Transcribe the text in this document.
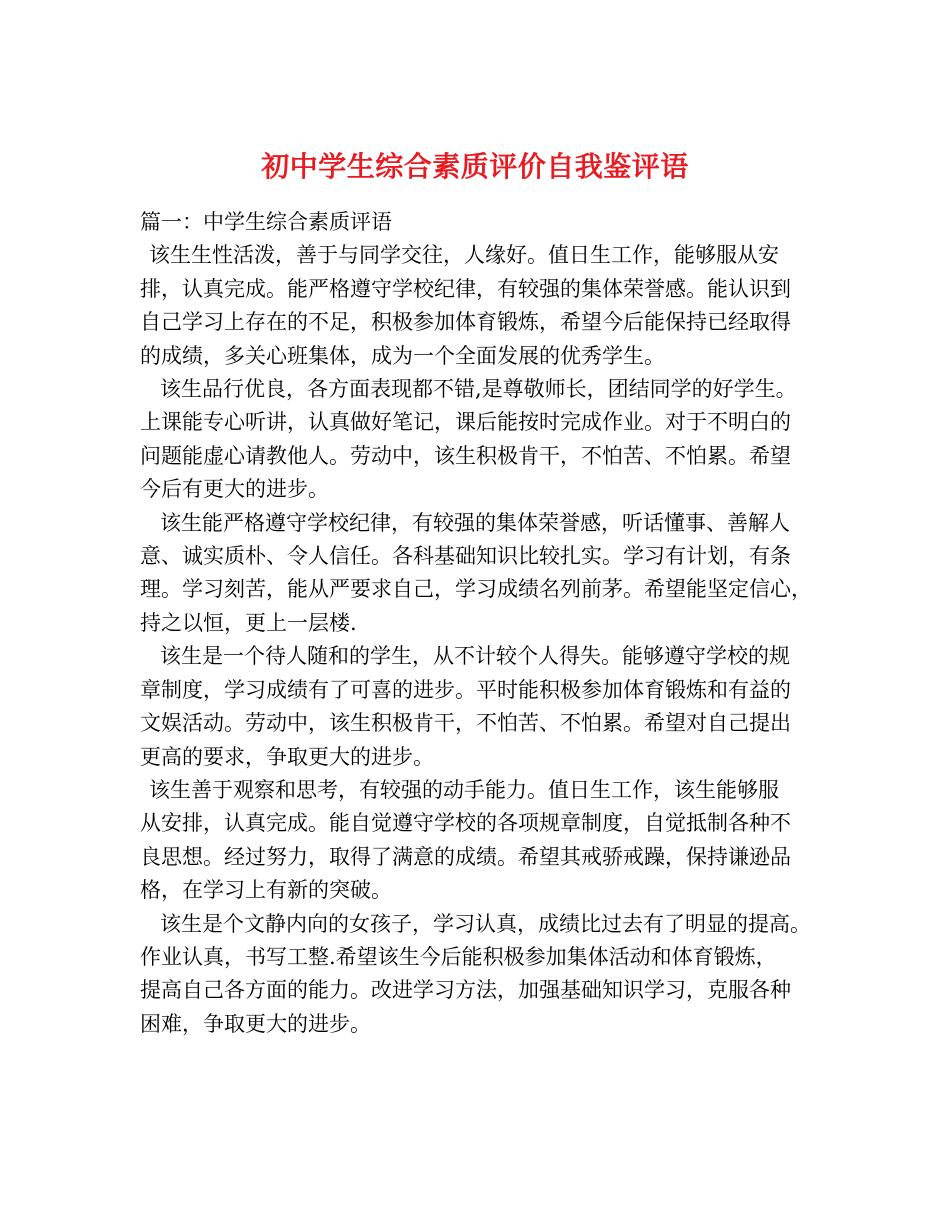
初中学生综合素质评价自我鉴评语

篇一：中学生综合素质评语

该生生性活泼，善于与同学交往，人缘好。值日生工作，能够服从安
排，认真完成。能严格遵守学校纪律，有较强的集体荣誉感。能认识到
自己学习上存在的不足，积极参加体育锻炼，希望今后能保持已经取得
的成绩，多关心班集体，成为一个全面发展的优秀学生。

该生品行优良，各方面表现都不错,是尊敬师长，团结同学的好学生。
上课能专心听讲，认真做好笔记，课后能按时完成作业。对于不明白的
问题能虚心请教他人。劳动中，该生积极肯干，不怕苦、不怕累。希望
今后有更大的进步。

该生能严格遵守学校纪律，有较强的集体荣誉感，听话懂事、善解人
意、诚实质朴、令人信任。各科基础知识比较扎实。学习有计划，有条
理。学习刻苦，能从严要求自己，学习成绩名列前茅。希望能坚定信心，
持之以恒，更上一层楼.

该生是一个待人随和的学生，从不计较个人得失。能够遵守学校的规
章制度，学习成绩有了可喜的进步。平时能积极参加体育锻炼和有益的
文娱活动。劳动中，该生积极肯干，不怕苦、不怕累。希望对自己提出
更高的要求，争取更大的进步。

该生善于观察和思考，有较强的动手能力。值日生工作，该生能够服
从安排，认真完成。能自觉遵守学校的各项规章制度，自觉抵制各种不
良思想。经过努力，取得了满意的成绩。希望其戒骄戒躁，保持谦逊品
格，在学习上有新的突破。

该生是个文静内向的女孩子，学习认真，成绩比过去有了明显的提高。
作业认真，书写工整.希望该生今后能积极参加集体活动和体育锻炼，
提高自己各方面的能力。改进学习方法，加强基础知识学习，克服各种
困难，争取更大的进步。
